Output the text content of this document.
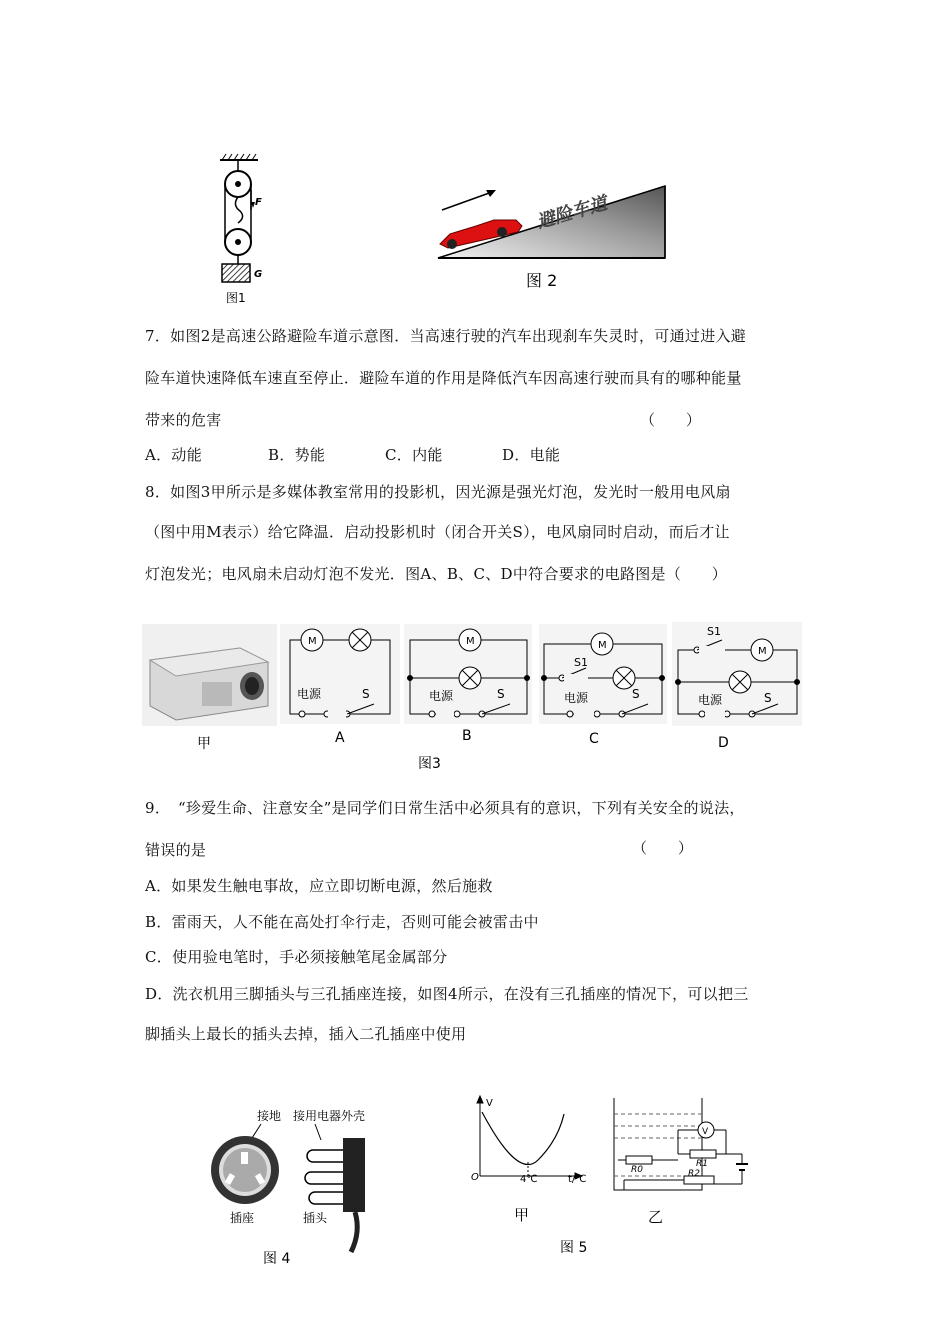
F
G
图1
避险车道
图 2
7．如图2是高速公路避险车道示意图．当高速行驶的汽车出现刹车失灵时，可通过进入避
险车道快速降低车速直至停止．避险车道的作用是降低汽车因高速行驶而具有的哪种能量
带来的危害	（　　）
A．动能	B．势能	C．内能	D．电能
8．如图3甲所示是多媒体教室常用的投影机，因光源是强光灯泡，发光时一般用电风扇
（图中用M表示）给它降温．启动投影机时（闭合开关S），电风扇同时启动，而后才让
灯泡发光；电风扇未启动灯泡不发光．图A、B、C、D中符合要求的电路图是（　　）
M
电源	S
M
电源	S
M
S1
电源	S
M
S1
电源	S
甲	A	B	C	D
图3
9．　“珍爱生命、注意安全”是同学们日常生活中必须具有的意识，下列有关安全的说法，
错误的是	（　　）
A．如果发生触电事故，应立即切断电源，然后施救
B．雷雨天，人不能在高处打伞行走，否则可能会被雷击中
C．使用验电笔时，手必须接触笔尾金属部分
D．洗衣机用三脚插头与三孔插座连接，如图4所示，在没有三孔插座的情况下，可以把三
脚插头上最长的插头去掉，插入二孔插座中使用
接地 接用电器外壳
插座	插头
图 4
V
O	4℃	t/℃
V
R0
R1
R2
甲	乙
图 5
